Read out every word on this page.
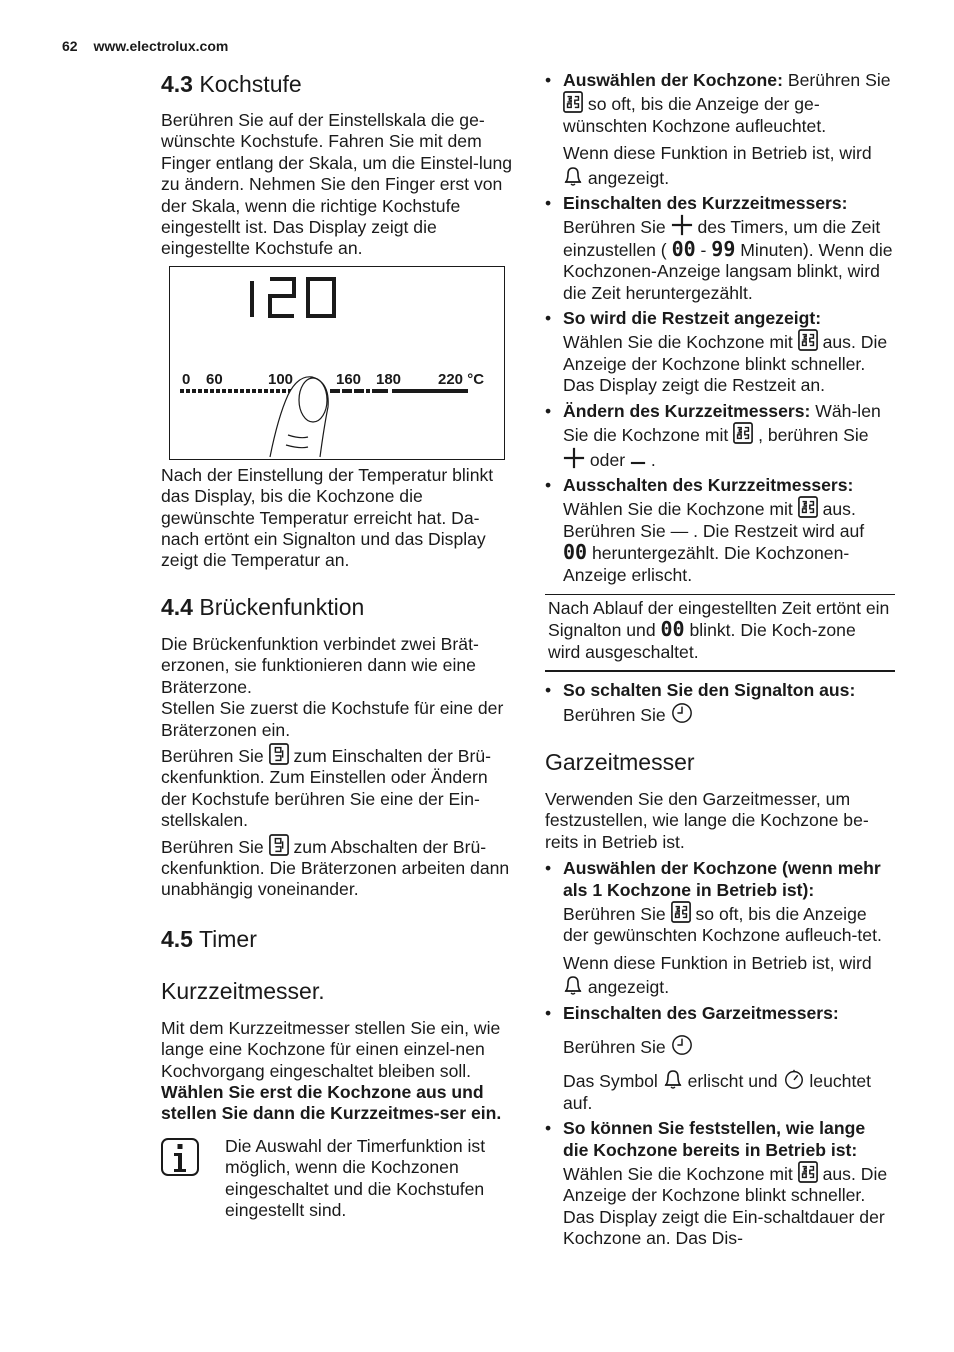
62 www.electrolux.com
4.3 Kochstufe

Berühren Sie auf der Einstellskala die ge-wünschte Kochstufe. Fahren Sie mit dem Finger entlang der Skala, um die Einstel-lung zu ändern. Nehmen Sie den Finger erst von der Skala, wenn die richtige Kochstufe eingestellt ist. Das Display zeigt die eingestellte Kochstufe an.

0 60	100	160 180 220 °C

Nach der Einstellung der Temperatur blinkt das Display, bis die Kochzone die gewünschte Temperatur erreicht hat. Da-nach ertönt ein Signalton und das Display zeigt die Temperatur an.

4.4 Brückenfunktion

Die Brückenfunktion verbindet zwei Brät-erzonen, sie funktionieren dann wie eine Bräterzone.

Stellen Sie zuerst die Kochstufe für eine der Bräterzonen ein.

Berühren Sie zum Einschalten der Brü-ckenfunktion. Zum Einstellen oder Ändern der Kochstufe berühren Sie eine der Ein-stellskalen.

Berühren Sie zum Abschalten der Brü-ckenfunktion. Die Bräterzonen arbeiten dann unabhängig voneinander.

4.5 Timer
Kurzzeitmesser.

Mit dem Kurzzeitmesser stellen Sie ein, wie lange eine Kochzone für einen einzel-nen Kochvorgang eingeschaltet bleiben soll.

Wählen Sie erst die Kochzone aus und stellen Sie dann die Kurzzeitmes-ser ein.

Die Auswahl der Timerfunktion ist möglich, wenn die Kochzonen eingeschaltet und die Kochstufen eingestellt sind.

• Auswählen der Kochzone: Berühren Sie  so oft, bis die Anzeige der ge-wünschten Kochzone aufleuchtet.

Wenn diese Funktion in Betrieb ist, wird
angezeigt.

• Einschalten des Kurzzeitmessers:
Berühren Sie des Timers, um die Zeit einzustellen ( 00 - 99 Minuten). Wenn die Kochzonen-Anzeige langsam blinkt, wird die Zeit heruntergezählt.

• So wird die Restzeit angezeigt:
Wählen Sie die Kochzone mit aus. Die Anzeige der Kochzone blinkt schneller. Das Display zeigt die Restzeit an.

• Ändern des Kurzzeitmessers: Wäh-len Sie die Kochzone mit , berühren Sie  oder .

• Ausschalten des Kurzzeitmessers:
Wählen Sie die Kochzone mit aus. Berühren Sie — . Die Restzeit wird auf
00 heruntergezählt. Die Kochzonen-Anzeige erlischt.

Nach Ablauf der eingestellten Zeit ertönt ein Signalton und 00 blinkt. Die Koch-zone wird ausgeschaltet.

• So schalten Sie den Signalton aus:
Berühren Sie

Garzeitmesser

Verwenden Sie den Garzeitmesser, um festzustellen, wie lange die Kochzone be-reits in Betrieb ist.

• Auswählen der Kochzone (wenn mehr als 1 Kochzone in Betrieb ist):
Berühren Sie so oft, bis die Anzeige der gewünschten Kochzone aufleuch-tet.

Wenn diese Funktion in Betrieb ist, wird
angezeigt.

• Einschalten des Garzeitmessers:

Berühren Sie

Das Symbol erlischt und leuchtet auf.

• So können Sie feststellen, wie lange die Kochzone bereits in Betrieb ist:
Wählen Sie die Kochzone mit aus. Die Anzeige der Kochzone blinkt schneller. Das Display zeigt die Ein-schaltdauer der Kochzone an. Das Dis-
